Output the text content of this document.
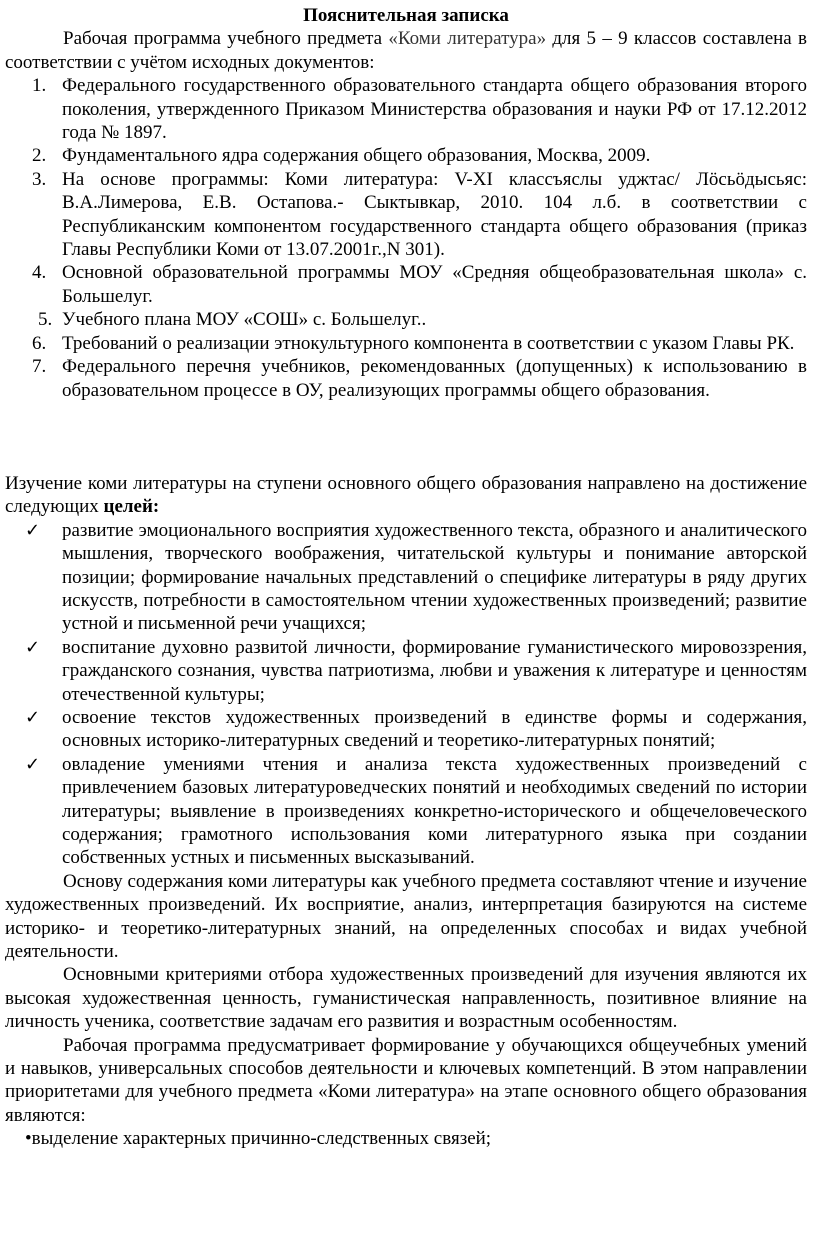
Пояснительная записка

Рабочая программа учебного предмета «Коми литература» для 5 – 9 классов составлена в соответствии с учётом исходных документов:

1. Федерального государственного образовательного стандарта общего образования второго поколения, утвержденного Приказом Министерства образования и науки РФ от 17.12.2012 года № 1897.
2. Фундаментального ядра содержания общего образования, Москва, 2009.
3. На основе программы: Коми литература: V-XI классъяслы уджтас/ Лӧсьӧдысьяс: В.А.Лимерова, Е.В. Остапова.- Сыктывкар, 2010. 104 л.б. в соответствии с Республиканским компонентом государственного стандарта общего образования (приказ Главы Республики Коми от 13.07.2001г.,N 301).
4. Основной образовательной программы МОУ «Средняя общеобразовательная школа» с. Большелуг.
5. Учебного плана МОУ «СОШ» с. Большелуг..
6. Требований о реализации этнокультурного компонента в соответствии с указом Главы РК.
7. Федерального перечня учебников, рекомендованных (допущенных) к использованию в образовательном процессе в ОУ, реализующих программы общего образования.

Изучение коми литературы на ступени основного общего образования направлено на достижение следующих целей:

✓ развитие эмоционального восприятия художественного текста, образного и аналитического мышления, творческого воображения, читательской культуры и понимание авторской позиции; формирование начальных представлений о специфике литературы в ряду других искусств, потребности в самостоятельном чтении художественных произведений; развитие устной и письменной речи учащихся;
✓ воспитание духовно развитой личности, формирование гуманистического мировоззрения, гражданского сознания, чувства патриотизма, любви и уважения к литературе и ценностям отечественной культуры;
✓ освоение текстов художественных произведений в единстве формы и содержания, основных историко-литературных сведений и теоретико-литературных понятий;
✓ овладение умениями чтения и анализа текста художественных произведений с привлечением базовых литературоведческих понятий и необходимых сведений по истории литературы; выявление в произведениях конкретно-исторического и общечеловеческого содержания; грамотного использования коми литературного языка при создании собственных устных и письменных высказываний.

Основу содержания коми литературы как учебного предмета составляют чтение и изучение художественных произведений. Их восприятие, анализ, интерпретация базируются на системе историко- и теоретико-литературных знаний, на определенных способах и видах учебной деятельности.

Основными критериями отбора художественных произведений для изучения являются их высокая художественная ценность, гуманистическая направленность, позитивное влияние на личность ученика, соответствие задачам его развития и возрастным особенностям.

Рабочая программа предусматривает формирование у обучающихся общеучебных умений и навыков, универсальных способов деятельности и ключевых компетенций. В этом направлении приоритетами для учебного предмета «Коми литература» на этапе основного общего образования являются:

•выделение характерных причинно-следственных связей;
